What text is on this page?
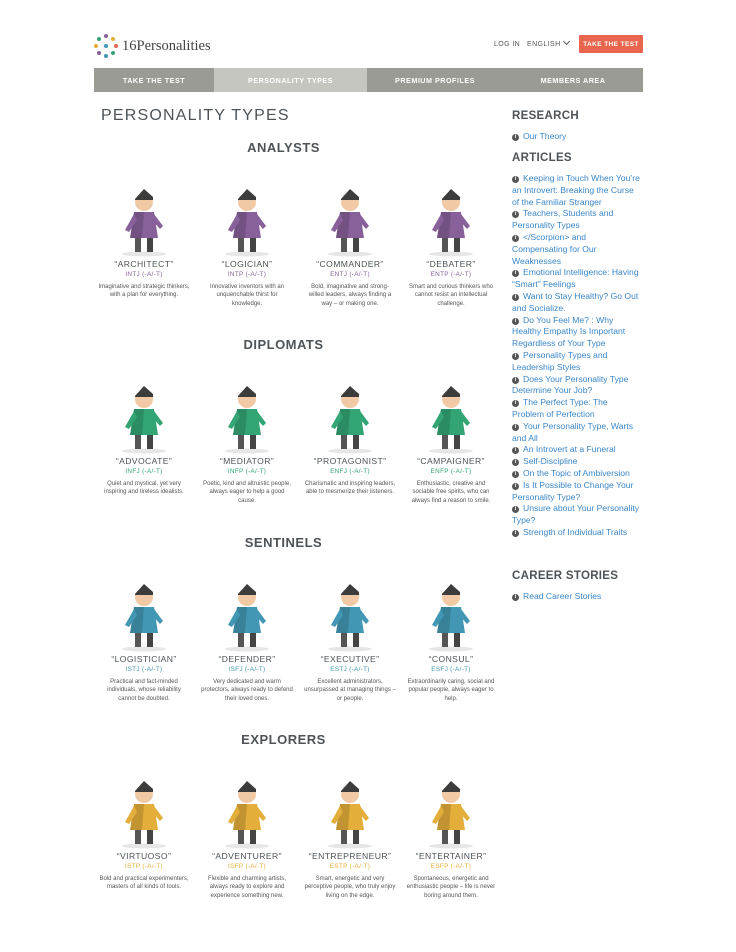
16Personalities	LOG IN ENGLISH	TAKE THE TEST
TAKE THE TEST	PERSONALITY TYPES	PREMIUM PROFILES	MEMBERS AREA
PERSONALITY TYPES
ANALYSTS
“ARCHITECT”
INTJ (-A/-T)
Imaginative and strategic thinkers, with a plan for everything.
“LOGICIAN”
INTP (-A/-T)
Innovative inventors with an unquenchable thirst for knowledge.
“COMMANDER”
ENTJ (-A/-T)
Bold, imaginative and strong-willed leaders, always finding a way – or making one.
“DEBATER”
ENTP (-A/-T)
Smart and curious thinkers who cannot resist an intellectual challenge.
DIPLOMATS
“ADVOCATE”
INFJ (-A/-T)
Quiet and mystical, yet very inspiring and tireless idealists.
“MEDIATOR”
INFP (-A/-T)
Poetic, kind and altruistic people, always eager to help a good cause.
“PROTAGONIST”
ENFJ (-A/-T)
Charismatic and inspiring leaders, able to mesmerize their listeners.
“CAMPAIGNER”
ENFP (-A/-T)
Enthusiastic, creative and sociable free spirits, who can always find a reason to smile.
SENTINELS
“LOGISTICIAN”
ISTJ (-A/-T)
Practical and fact-minded individuals, whose reliability cannot be doubted.
“DEFENDER”
ISFJ (-A/-T)
Very dedicated and warm protectors, always ready to defend their loved ones.
“EXECUTIVE”
ESTJ (-A/-T)
Excellent administrators, unsurpassed at managing things – or people.
“CONSUL”
ESFJ (-A/-T)
Extraordinarily caring, social and popular people, always eager to help.
EXPLORERS
“VIRTUOSO”
ISTP (-A/-T)
Bold and practical experimenters, masters of all kinds of tools.
“ADVENTURER”
ISFP (-A/-T)
Flexible and charming artists, always ready to explore and experience something new.
“ENTREPRENEUR”
ESTP (-A/-T)
Smart, energetic and very perceptive people, who truly enjoy living on the edge.
“ENTERTAINER”
ESFP (-A/-T)
Spontaneous, energetic and enthusiastic people – life is never boring around them.
RESEARCH
i Our Theory
ARTICLES
i Keeping in Touch When You’re an Introvert: Breaking the Curse of the Familiar Stranger
i Teachers, Students and Personality Types
i </Scorpion> and Compensating for Our Weaknesses
i Emotional Intelligence: Having “Smart” Feelings
i Want to Stay Healthy? Go Out and Socialize.
i Do You Feel Me? : Why Healthy Empathy Is Important Regardless of Your Type
i Personality Types and Leadership Styles
i Does Your Personality Type Determine Your Job?
i The Perfect Type: The Problem of Perfection
i Your Personality Type, Warts and All
i An Introvert at a Funeral
i Self-Discipline
i On the Topic of Ambiversion
i Is It Possible to Change Your Personality Type?
i Unsure about Your Personality Type?
i Strength of Individual Traits
CAREER STORIES
i Read Career Stories
